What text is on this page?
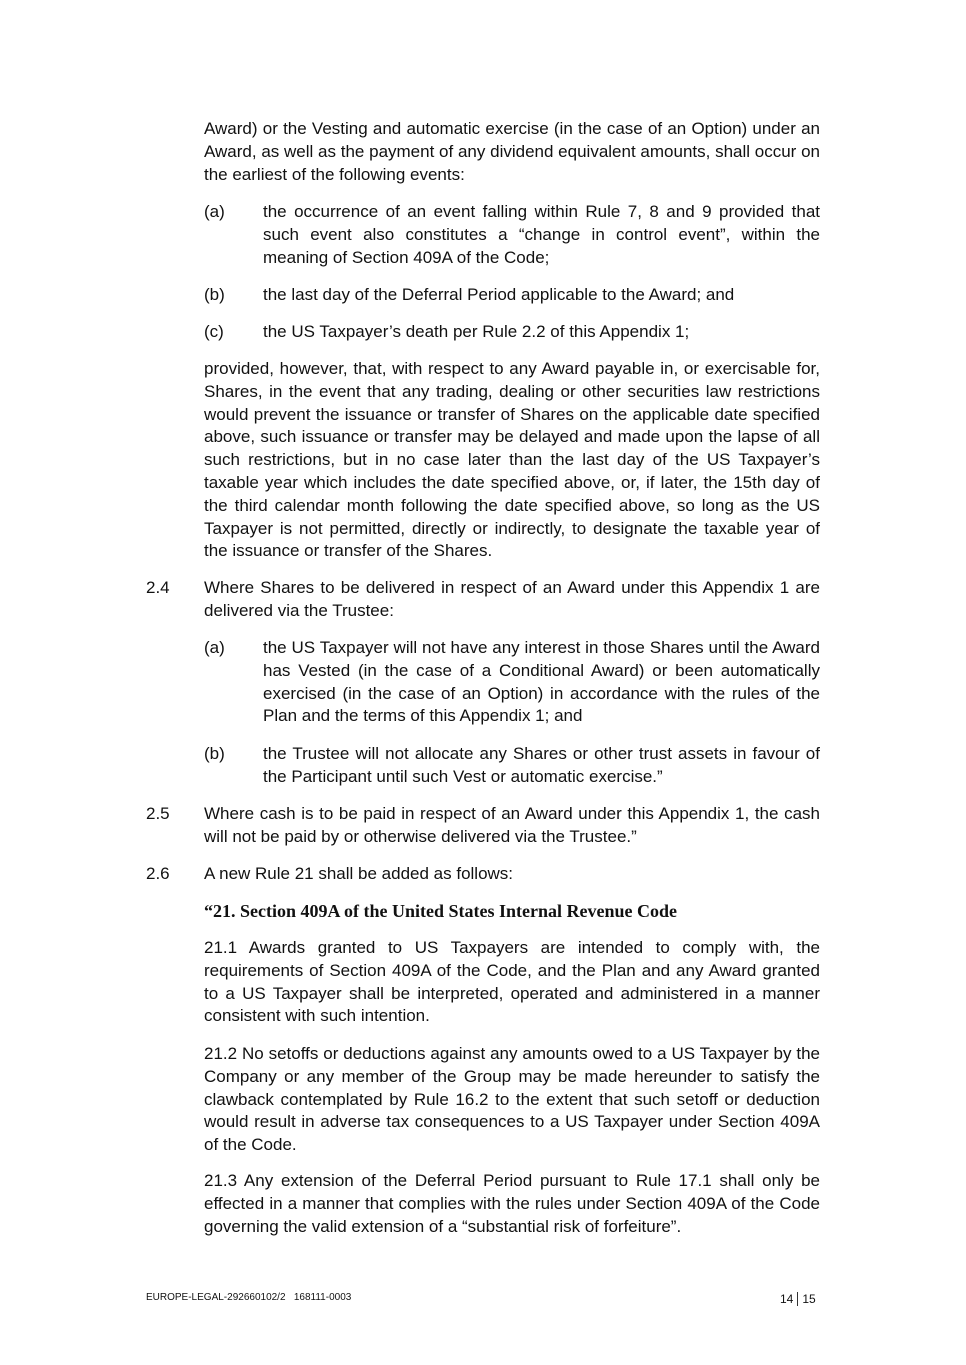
Award) or the Vesting and automatic exercise (in the case of an Option) under an Award, as well as the payment of any dividend equivalent amounts, shall occur on the earliest of the following events:

(a) the occurrence of an event falling within Rule 7, 8 and 9 provided that such event also constitutes a “change in control event”, within the meaning of Section 409A of the Code;

(b) the last day of the Deferral Period applicable to the Award; and

(c) the US Taxpayer’s death per Rule 2.2 of this Appendix 1;

provided, however, that, with respect to any Award payable in, or exercisable for, Shares, in the event that any trading, dealing or other securities law restrictions would prevent the issuance or transfer of Shares on the applicable date specified above, such issuance or transfer may be delayed and made upon the lapse of all such restrictions, but in no case later than the last day of the US Taxpayer’s taxable year which includes the date specified above, or, if later, the 15th day of the third calendar month following the date specified above, so long as the US Taxpayer is not permitted, directly or indirectly, to designate the taxable year of the issuance or transfer of the Shares.

2.4 Where Shares to be delivered in respect of an Award under this Appendix 1 are delivered via the Trustee:

(a) the US Taxpayer will not have any interest in those Shares until the Award has Vested (in the case of a Conditional Award) or been automatically exercised (in the case of an Option) in accordance with the rules of the Plan and the terms of this Appendix 1; and

(b) the Trustee will not allocate any Shares or other trust assets in favour of the Participant until such Vest or automatic exercise.”

2.5 Where cash is to be paid in respect of an Award under this Appendix 1, the cash will not be paid by or otherwise delivered via the Trustee.”

2.6 A new Rule 21 shall be added as follows:

“21. Section 409A of the United States Internal Revenue Code

21.1 Awards granted to US Taxpayers are intended to comply with, the requirements of Section 409A of the Code, and the Plan and any Award granted to a US Taxpayer shall be interpreted, operated and administered in a manner consistent with such intention.

21.2 No setoffs or deductions against any amounts owed to a US Taxpayer by the Company or any member of the Group may be made hereunder to satisfy the clawback contemplated by Rule 16.2 to the extent that such setoff or deduction would result in adverse tax consequences to a US Taxpayer under Section 409A of the Code.

21.3 Any extension of the Deferral Period pursuant to Rule 17.1 shall only be effected in a manner that complies with the rules under Section 409A of the Code governing the valid extension of a “substantial risk of forfeiture”.

EUROPE-LEGAL-292660102/2   168111-0003	14 15
